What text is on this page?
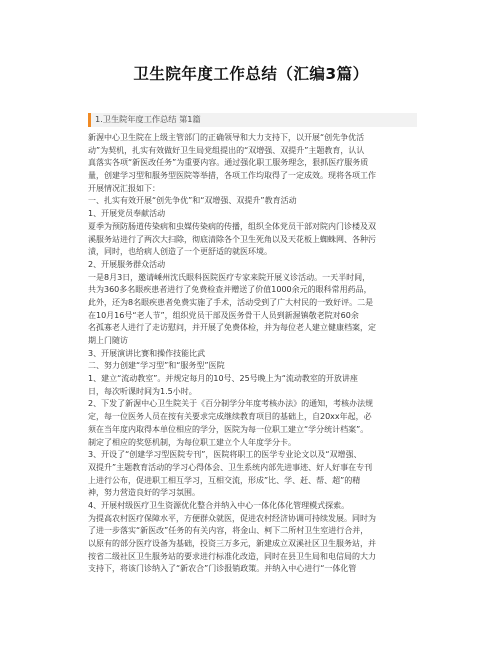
卫生院年度工作总结（汇编3篇）
1.卫生院年度工作总结 第1篇
新渥中心卫生院在上级主管部门的正确领导和大力支持下，以开展“创先争优活
动”为契机，扎实有效做好卫生局党组提出的“双增强、双提升”主题教育，认认
真落实各项“新医改任务”为重要内容。通过强化职工服务理念，狠抓医疗服务质
量，创建学习型和服务型医院等举措，各项工作均取得了一定成效。现将各项工作
开展情况汇报如下：
一、扎实有效开展“创先争优”和“双增强、双提升”教育活动
1、开展党员奉献活动
夏季为预防肠道传染病和虫媒传染病的传播，组织全体党员干部对院内门诊楼及双
溪服务站进行了两次大扫除，彻底清除各个卫生死角以及天花板上蜘蛛网、各种污
渍，同时，也给病人创造了一个更舒适的就医环境。
2、开展服务群众活动
一是8月3日，邀请嵊州沈氏眼科医院医疗专家来院开展义诊活动。一天半时间，
共为360多名眼疾患者进行了免费检查并赠送了价值1000余元的眼科常用药品，
此外，还为8名眼疾患者免费实施了手术，活动受到了广大村民的一致好评。二是
在10月16号“老人节”，组织党员干部及医务骨干人员到新渥镇敬老院对60余
名孤寡老人进行了走访慰问，并开展了免费体检，并为每位老人建立健康档案，定
期上门随访
3、开展演讲比赛和操作技能比武
二、努力创建“学习型”和“服务型”医院
1、建立“流动教室”。并规定每月的10号、25号晚上为“流动教室的开放讲座
日，每次听课时间为1.5小时。
2、下发了新渥中心卫生院关于《百分制学分年度考核办法》的通知，考核办法规
定，每一位医务人员在按有关要求完成继续教育项目的基础上，自20xx年起，必
须在当年度内取得本单位相应的学分，医院为每一位职工建立“学分统计档案”。
制定了相应的奖惩机制，为每位职工建立个人年度学分卡。
3、开设了“创建学习型医院专刊”，医院将职工的医学专业论文以及“双增强、
双提升”主题教育活动的学习心得体会、卫生系统内部先进事迹、好人好事在专刊
上进行公布，促进职工相互学习，互相交流，形成”比、学、赶、帮、超”的精
神，努力营造良好的学习氛围。
4、开展村级医疗卫生资源优化整合并纳入中心一体化体化管理模式探索。
为提高农村医疗保障水平，方便群众就医，促进农村经济协调可持续发展。同时为
了进一步落实“新医改”任务的有关内容，将金山、柯下二所村卫生室进行合并，
以原有的部分医疗设备为基础，投资三万多元，新建成立双溪社区卫生服务站，并
按省二级社区卫生服务站的要求进行标准化改造，同时在县卫生局和电信局的大力
支持下，将该门诊纳入了“新农合”门诊报销政策。并纳入中心进行“一体化管
